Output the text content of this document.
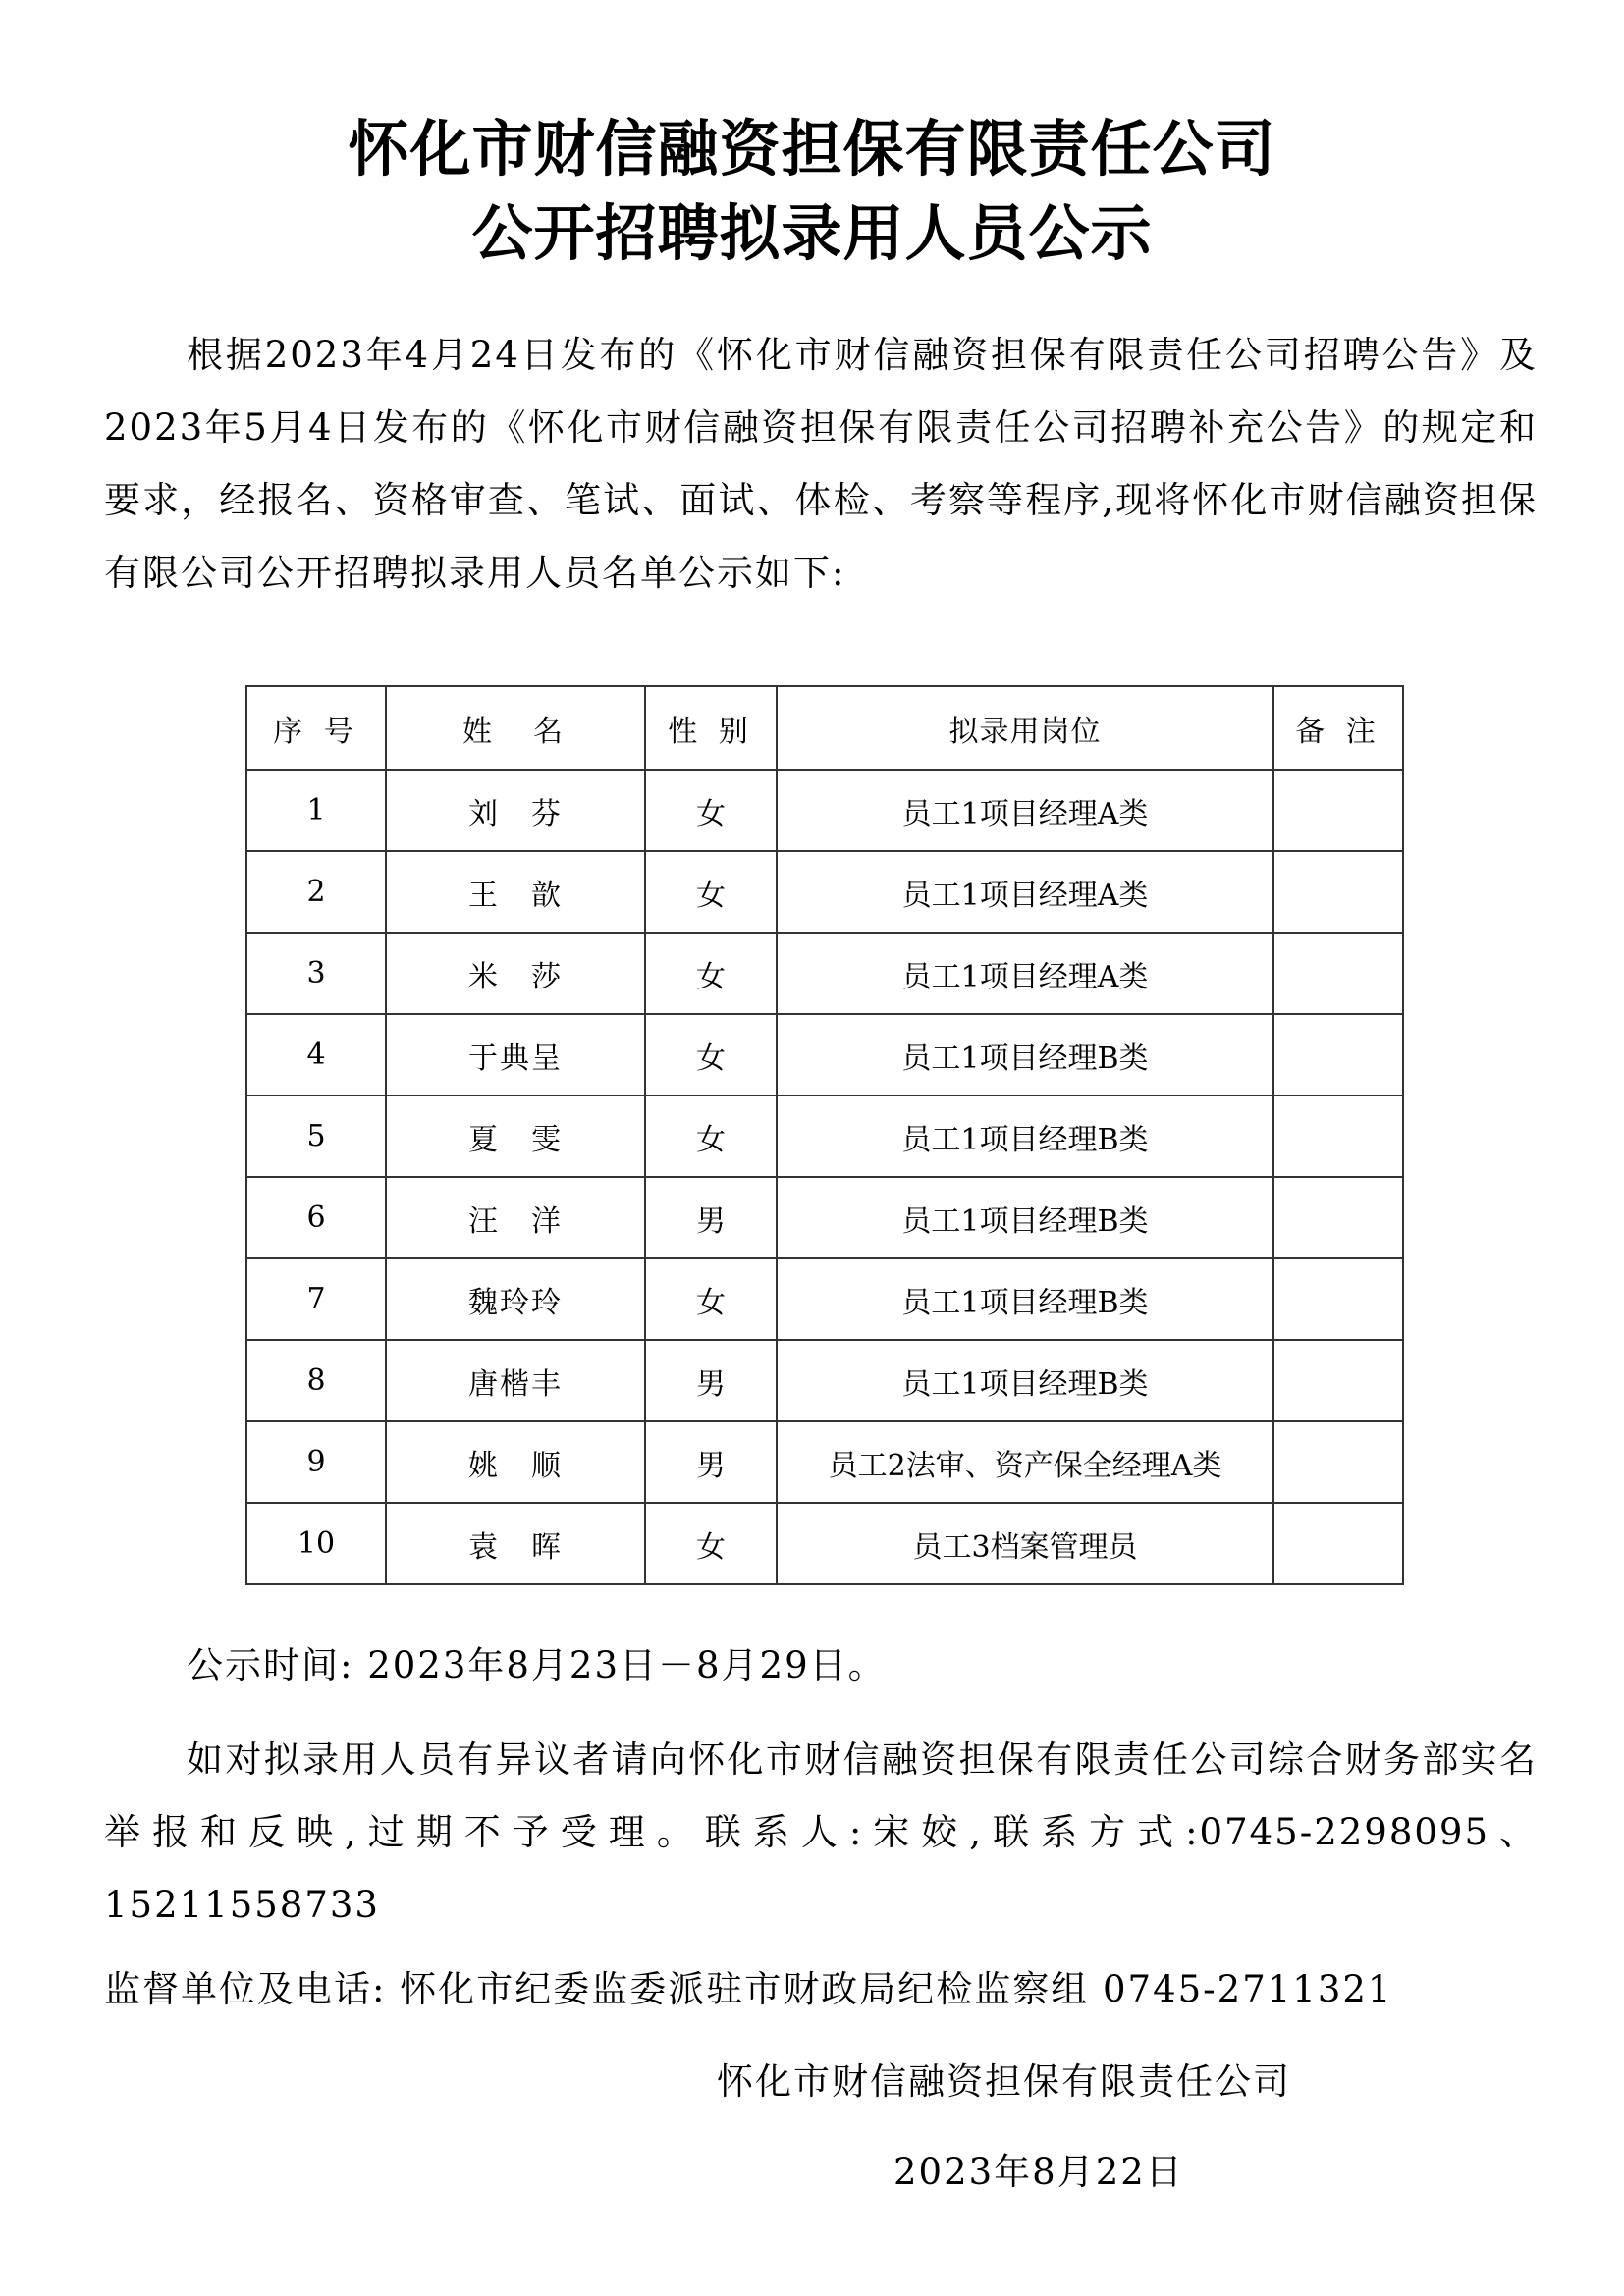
怀化市财信融资担保有限责任公司
公开招聘拟录用人员公示

根据2023年4月24日发布的《怀化市财信融资担保有限责任公司招聘公告》及2023年5月4日发布的《怀化市财信融资担保有限责任公司招聘补充公告》的规定和要求，经报名、资格审查、笔试、面试、体检、考察等程序,现将怀化市财信融资担保有限公司公开招聘拟录用人员名单公示如下:

序 号	姓　名	性 别	拟录用岗位	备 注
1	刘　芬	女	员工1项目经理A类	
2	王　歆	女	员工1项目经理A类	
3	米　莎	女	员工1项目经理A类	
4	于典呈	女	员工1项目经理B类	
5	夏　雯	女	员工1项目经理B类	
6	汪　洋	男	员工1项目经理B类	
7	魏玲玲	女	员工1项目经理B类	
8	唐楷丰	男	员工1项目经理B类	
9	姚　顺	男	员工2法审、资产保全经理A类	
10	袁　晖	女	员工3档案管理员	
公示时间: 2023年8月23日－8月29日。

如对拟录用人员有异议者请向怀化市财信融资担保有限责任公司综合财务部实名举报和反映,过期不予受理。联系人:宋姣,联系方式:0745-2298095、15211558733

监督单位及电话: 怀化市纪委监委派驻市财政局纪检监察组 0745-2711321
怀化市财信融资担保有限责任公司
2023年8月22日
